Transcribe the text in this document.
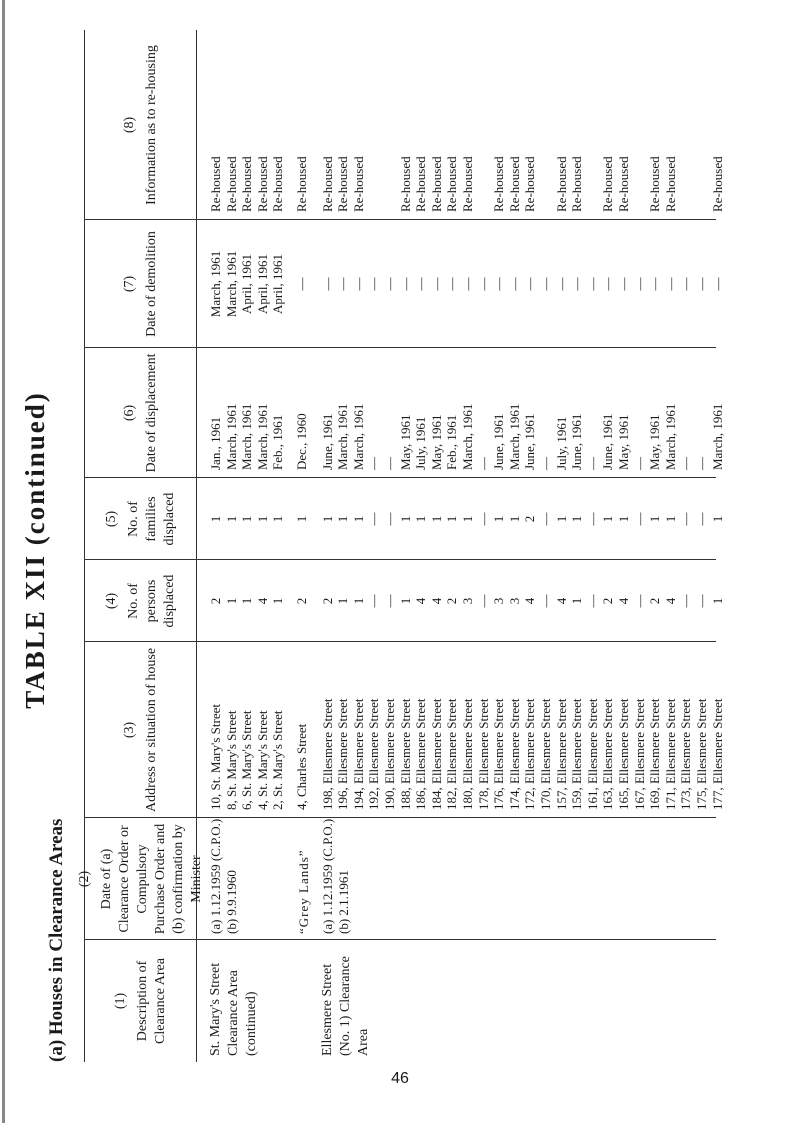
TABLE XII (continued)
(a) Houses in Clearance Areas	(1) Description of Clearance Area
(2) Date of (a) Clearance Order or Compulsory Purchase Order and (b) confirmation by Minister
(3) Address or situation of house
(4) No. of persons displaced
(5) No. of families displaced
(6) Date of displacement
(7) Date of demolition
(8) Information as to re-housing
10, St. Mary's Street
2
1
Jan., 1961
March, 1961
Re-housed
8, St. Mary's Street
1
1
March, 1961
March, 1961
Re-housed
6, St. Mary's Street
1
1
March, 1961
April, 1961
Re-housed
4, St. Mary's Street
4
1
March, 1961
April, 1961
Re-housed
2, St. Mary's Street
1
1
Feb., 1961
April, 1961
Re-housed
4, Charles Street
2
1
Dec., 1960
—
Re-housed
198, Ellesmere Street
2
1
June, 1961
—
Re-housed
196, Ellesmere Street
1
1
March, 1961
—
Re-housed
194, Ellesmere Street
1
1
March, 1961
—
Re-housed
192, Ellesmere Street
—
—
—
—
190, Ellesmere Street
—
—
—
—
188, Ellesmere Street
1
1
May, 1961
—
Re-housed
186, Ellesmere Street
4
1
July, 1961
—
Re-housed
184, Ellesmere Street
4
1
May, 1961
—
Re-housed
182, Ellesmere Street
2
1
Feb., 1961
—
Re-housed
180, Ellesmere Street
3
1
March, 1961
—
Re-housed
178, Ellesmere Street
—
—
—
—
176, Ellesmere Street
3
1
June, 1961
—
Re-housed
174, Ellesmere Street
3
1
March, 1961
—
Re-housed
172, Ellesmere Street
4
2
June, 1961
—
Re-housed
170, Ellesmere Street
—
—
—
—
157, Ellesmere Street
4
1
July, 1961
—
Re-housed
159, Ellesmere Street
1
1
June, 1961
—
Re-housed
161, Ellesmere Street
—
—
—
—
163, Ellesmere Street
2
1
June, 1961
—
Re-housed
165, Ellesmere Street
4
1
May, 1961
—
Re-housed
167, Ellesmere Street
—
—
—
—
169, Ellesmere Street
2
1
May, 1961
—
Re-housed
171, Ellesmere Street
4
1
March, 1961
—
Re-housed
173, Ellesmere Street
—
—
—
—
175, Ellesmere Street
—
—
—
—
177, Ellesmere Street
1
1
March, 1961
—
Re-housed
St. Mary's Street Clearance Area (continued)
(a) 1.12.1959 (C.P.O.) (b) 9.9.1960
Ellesmere Street (No. 1) Clearance Area
(a) 1.12.1959 (C.P.O.) (b) 2.1.1961
“Grey Lands”
46
